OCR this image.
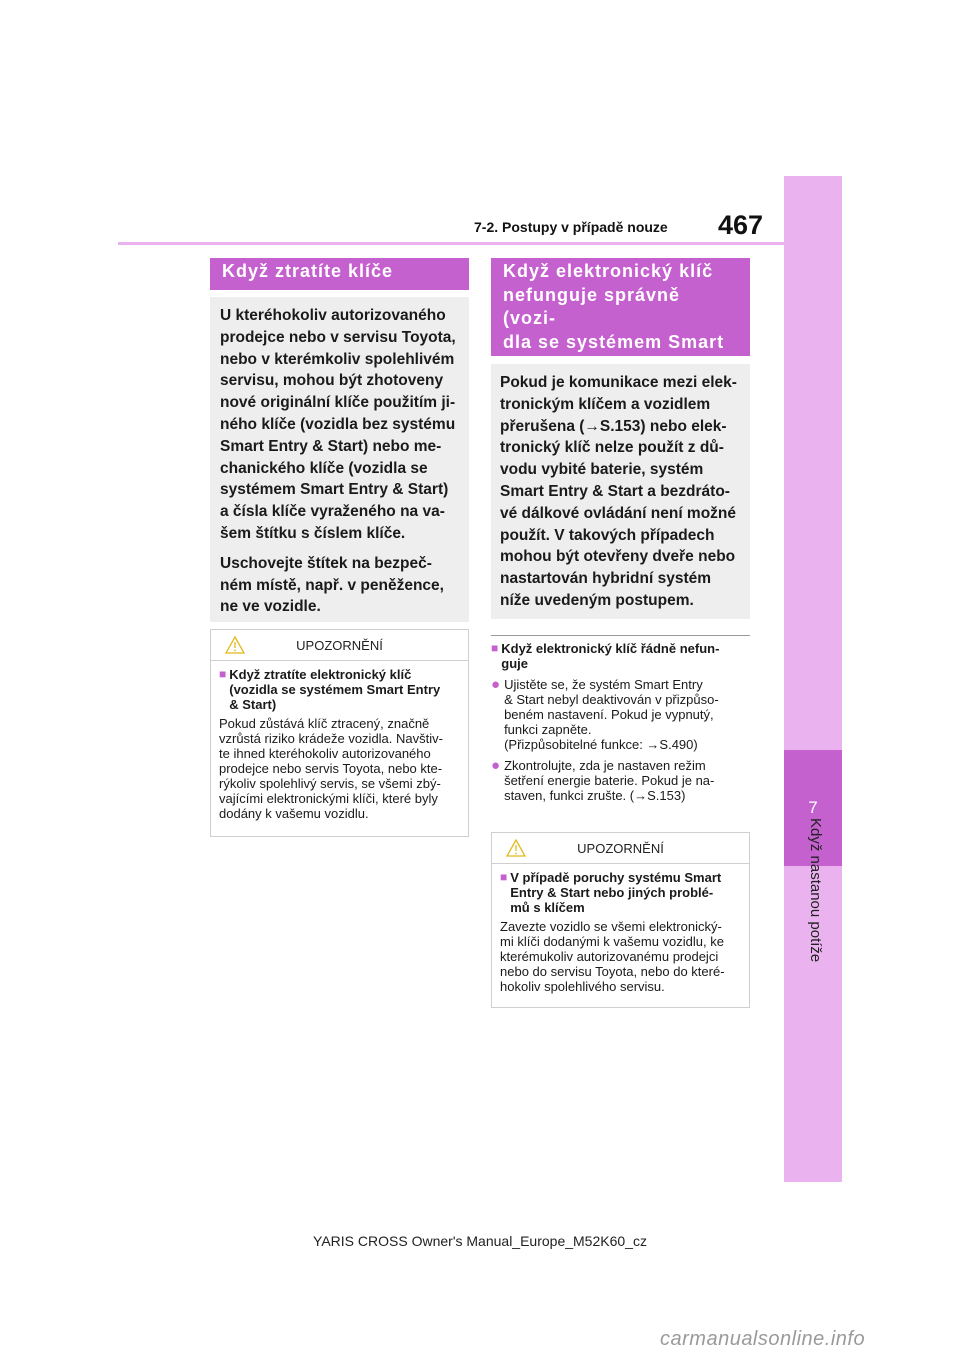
7
Když nastanou potíže
7-2. Postupy v případě nouze 467
Když ztratíte klíče

U kteréhokoliv autorizovaného

prodejce nebo v servisu Toyota,

nebo v kterémkoliv spolehlivém

servisu, mohou být zhotoveny

nové originální klíče použitím ji-

ného klíče (vozidla bez systému

Smart Entry & Start) nebo me-

chanického klíče (vozidla se

systémem Smart Entry & Start)

a čísla klíče vyraženého na va-

šem štítku s číslem klíče.

Uschovejte štítek na bezpeč-

ném místě, např. v peněžence,

ne ve vozidle.

UPOZORNĚNÍ
■ Když ztratíte elektronický klíč

(vozidla se systémem Smart Entry

& Start)

Pokud zůstává klíč ztracený, značně

vzrůstá riziko krádeže vozidla. Navštiv-

te ihned kteréhokoliv autorizovaného

prodejce nebo servis Toyota, nebo kte-

rýkoliv spolehlivý servis, se všemi zbý-

vajícími elektronickými klíči, které byly

dodány k vašemu vozidlu.

Když elektronický klíč
nefunguje správně (vozi-
dla se systémem Smart

Pokud je komunikace mezi elek-

tronickým klíčem a vozidlem

přerušena (→S.153) nebo elek-

tronický klíč nelze použít z dů-

vodu vybité baterie, systém

Smart Entry & Start a bezdráto-

vé dálkové ovládání není možné

použít. V takových případech

mohou být otevřeny dveře nebo

nastartován hybridní systém

níže uvedeným postupem.

■ Když elektronický klíč řádně nefun-
guje
● Ujistěte se, že systém Smart Entry
& Start nebyl deaktivován v přizpůso-
beném nastavení. Pokud je vypnutý,
funkci zapněte.
(Přizpůsobitelné funkce: →S.490)
● Zkontrolujte, zda je nastaven režim
šetření energie baterie. Pokud je na-
staven, funkci zrušte. (→S.153)
UPOZORNĚNÍ
■ V případě poruchy systému Smart

Entry & Start nebo jiných problé-

mů s klíčem

Zavezte vozidlo se všemi elektronický-

mi klíči dodanými k vašemu vozidlu, ke

kterémukoliv autorizovanému prodejci

nebo do servisu Toyota, nebo do které-

hokoliv spolehlivého servisu.

YARIS CROSS Owner's Manual_Europe_M52K60_cz
carmanualsonline.info
